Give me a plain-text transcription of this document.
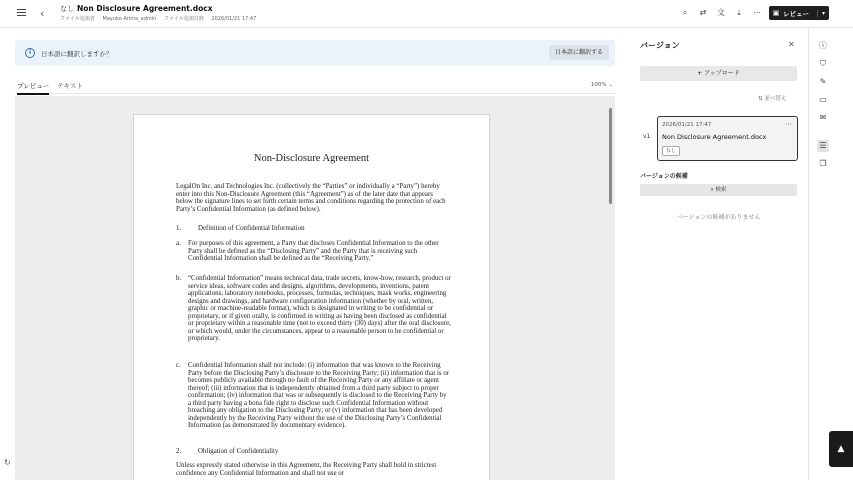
‹ なし Non Disclosure Agreement.docx
ファイル追加者 Mayuko Arima_admin ファイル追加日時 2026/01/21 17:47
⌕	⇄	文	⤓	⋯	▣ レビュー	▾
i	日本語に翻訳しますか？	日本語に翻訳する
プレビュー テキスト	100% ⌄
Non-Disclosure Agreement
LegalOn Inc. and Technologies Inc. (collectively the “Parties” or individually a “Party”) hereby enter into this Non-Disclosure Agreement (this “Agreement”) as of the later date that appears below the signature lines to set forth certain terms and conditions regarding the protection of each Party’s Confidential Information (as defined below).
1. Definition of Confidential Information
a.	For purposes of this agreement, a Party that discloses Confidential Information to the other Party shall be defined as the “Disclosing Party” and the Party that is receiving such Confidential Information shall be defined as the “Receiving Party.”
b. “Confidential Information” means technical data, trade secrets, know-how, research, product or service ideas, software codes and designs, algorithms, developments, inventions, patent applications, laboratory notebooks, processes, formulas, techniques, mask works, engineering designs and drawings, and hardware configuration information (whether by oral, written, graphic or machine-readable format), which is designated in writing to be confidential or proprietary, or if given orally, is confirmed in writing as having been disclosed as confidential or proprietary within a reasonable time (not to exceed thirty (30) days) after the oral disclosure, or which would, under the circumstances, appear to a reasonable person to be confidential or proprietary.
c.	Confidential Information shall not include: (i) information that was known to the Receiving Party before the Disclosing Party’s disclosure to the Receiving Party; (ii) information that is or becomes publicly available through no fault of the Receiving Party or any affiliate or agent thereof; (iii) information that is independently obtained from a third party subject to proper confirmation; (iv) information that was or subsequently is disclosed to the Receiving Party by a third party having a bona fide right to disclose such Confidential Information without breaching any obligation to the Disclosing Party; or (v) information that has been developed independently by the Receiving Party without the use of the Disclosing Party’s Confidential Information (as demonstrated by documentary evidence).
2. Obligation of Confidentiality
Unless expressly stated otherwise in this Agreement, the Receiving Party shall hold in strictest confidence any Confidential Information and shall not use or
バージョン	✕
+ アップロード
⇅ 並べ替え
v1
2026/01/21 17:47	⋯
Non Disclosure Agreement.docx
なし
バージョンの候補
⌕ 検索
バージョンの候補がありません
ⓘ
⛉
✎
▭
✉
☰
❐
▲
↻
